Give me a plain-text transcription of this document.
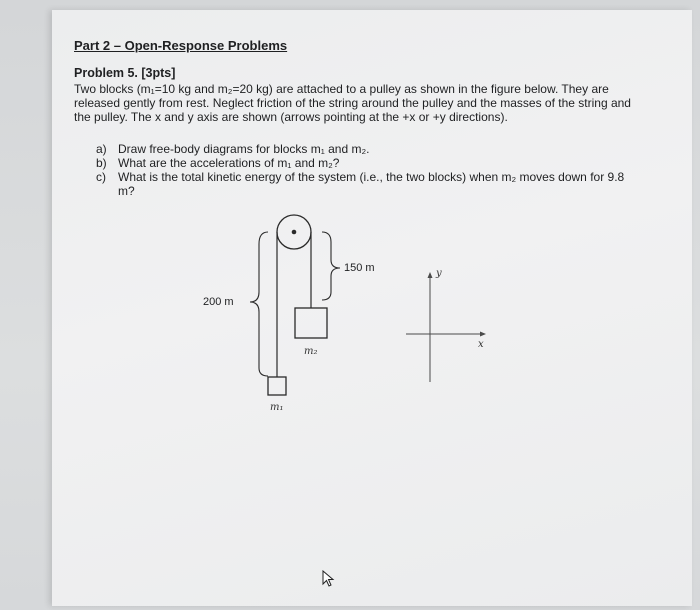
Part 2 – Open-Response Problems
Problem 5. [3pts]
Two blocks (m₁=10 kg and m₂=20 kg) are attached to a pulley as shown in the figure below. They are released gently from rest. Neglect friction of the string around the pulley and the masses of the string and the pulley. The x and y axis are shown (arrows pointing at the +x or +y directions).
a) Draw free-body diagrams for blocks m₁ and m₂.
b) What are the accelerations of m₁ and m₂?
c)	What is the total kinetic energy of the system (i.e., the two blocks) when m₂ moves down for 9.8 m?
200 m
150 m
m₂
m₁
y
x
